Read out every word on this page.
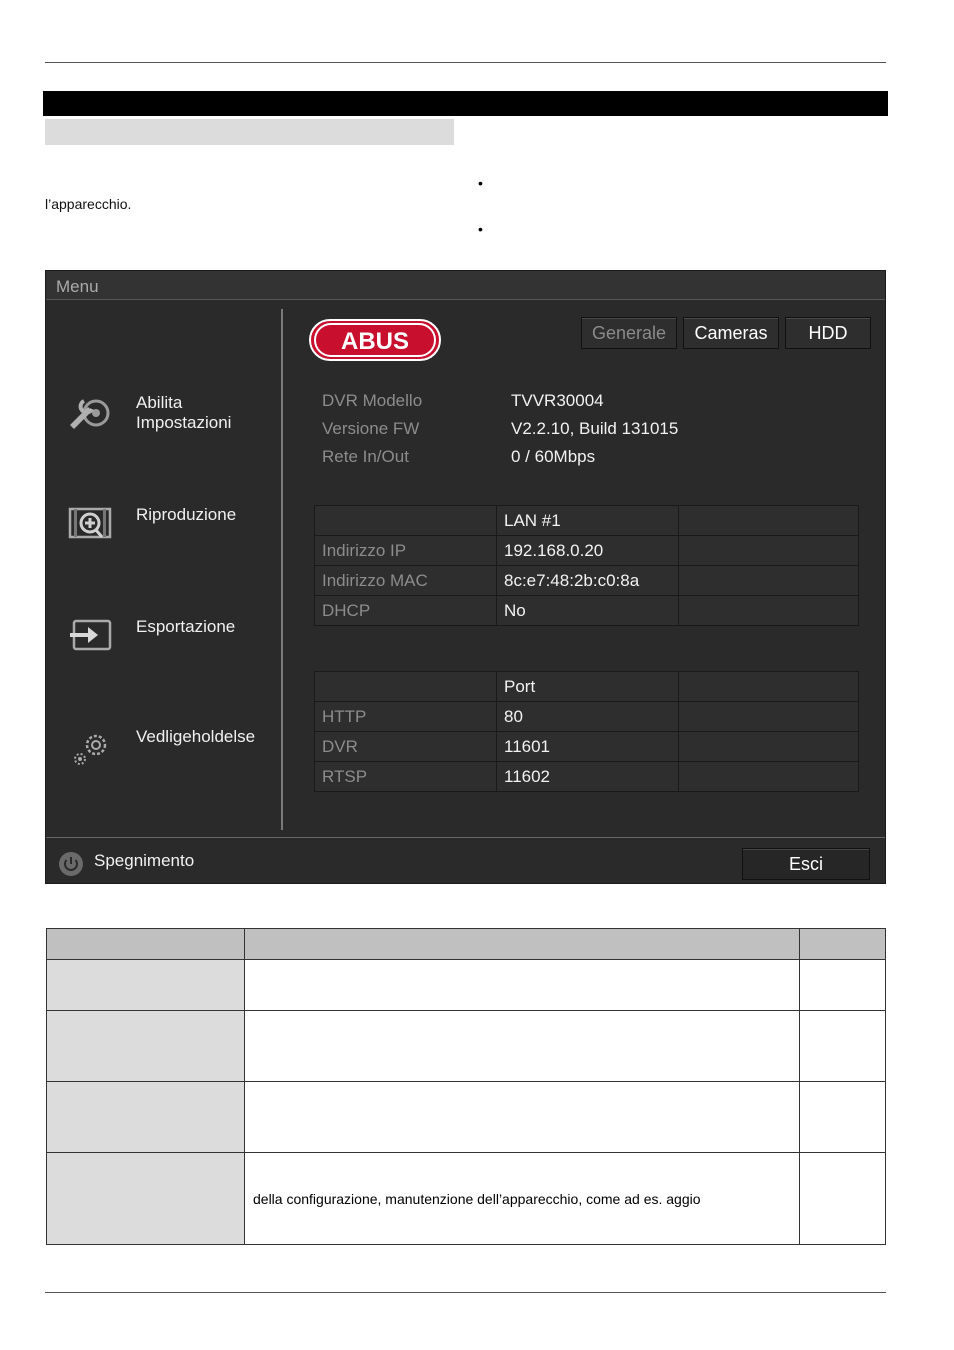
•
•
l’apparecchio.
Menu
Abilita
Impostazioni
Riproduzione
Esportazione
Vedligeholdelse
ABUS	Generale	Cameras	HDD
DVR Modello	TVVR30004
Versione FW	V2.2.10, Build 131015
Rete In/Out	0 / 60Mbps
	LAN #1	
Indirizzo IP	192.168.0.20	
Indirizzo MAC	8c:e7:48:2b:c0:8a	
DHCP	No	
	Port	
HTTP	80	
DVR	11601	
RTSP	11602	
Spegnimento	Esci

	della configurazione, manutenzione dell’apparecchio, come ad es. aggio	
